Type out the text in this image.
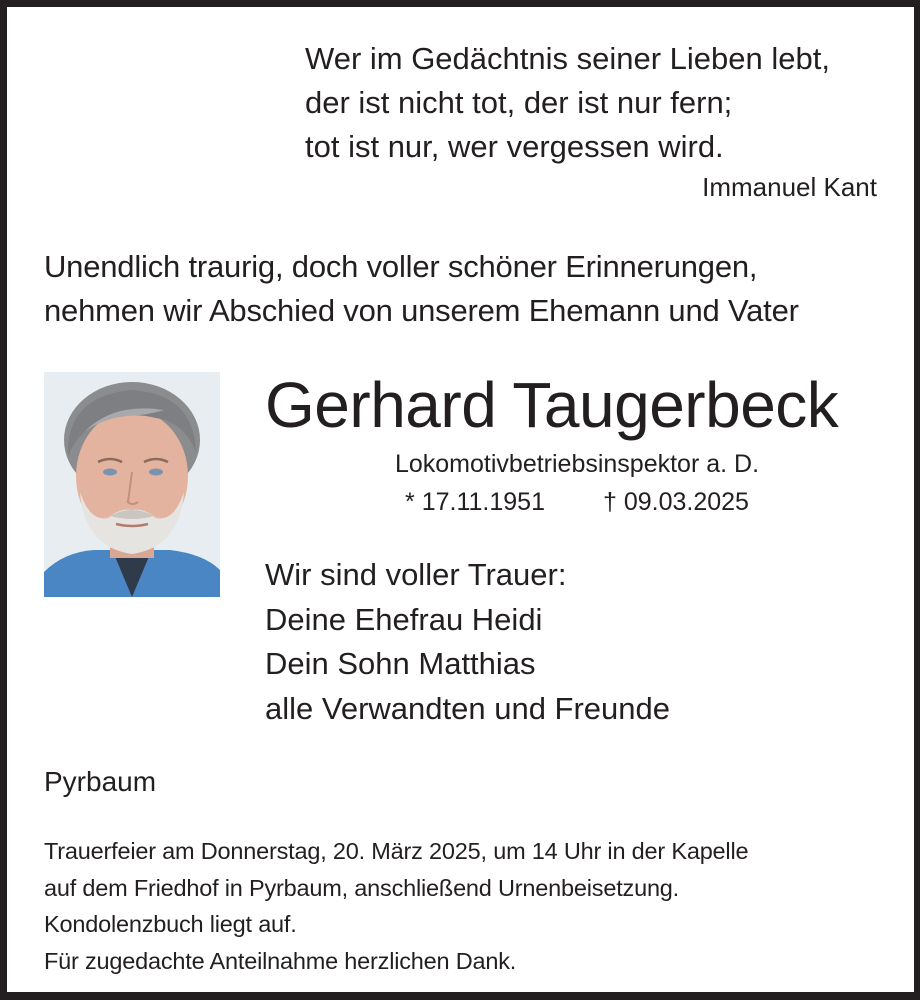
Wer im Gedächtnis seiner Lieben lebt,
der ist nicht tot, der ist nur fern;
tot ist nur, wer vergessen wird.
Immanuel Kant
Unendlich traurig, doch voller schöner Erinnerungen,
nehmen wir Abschied von unserem Ehemann und Vater
Gerhard Taugerbeck
Lokomotivbetriebsinspektor a. D.
* 17.11.1951 † 09.03.2025
Wir sind voller Trauer:
Deine Ehefrau Heidi
Dein Sohn Matthias
alle Verwandten und Freunde
Pyrbaum
Trauerfeier am Donnerstag, 20. März 2025, um 14 Uhr in der Kapelle
auf dem Friedhof in Pyrbaum, anschließend Urnenbeisetzung.
Kondolenzbuch liegt auf.
Für zugedachte Anteilnahme herzlichen Dank.
